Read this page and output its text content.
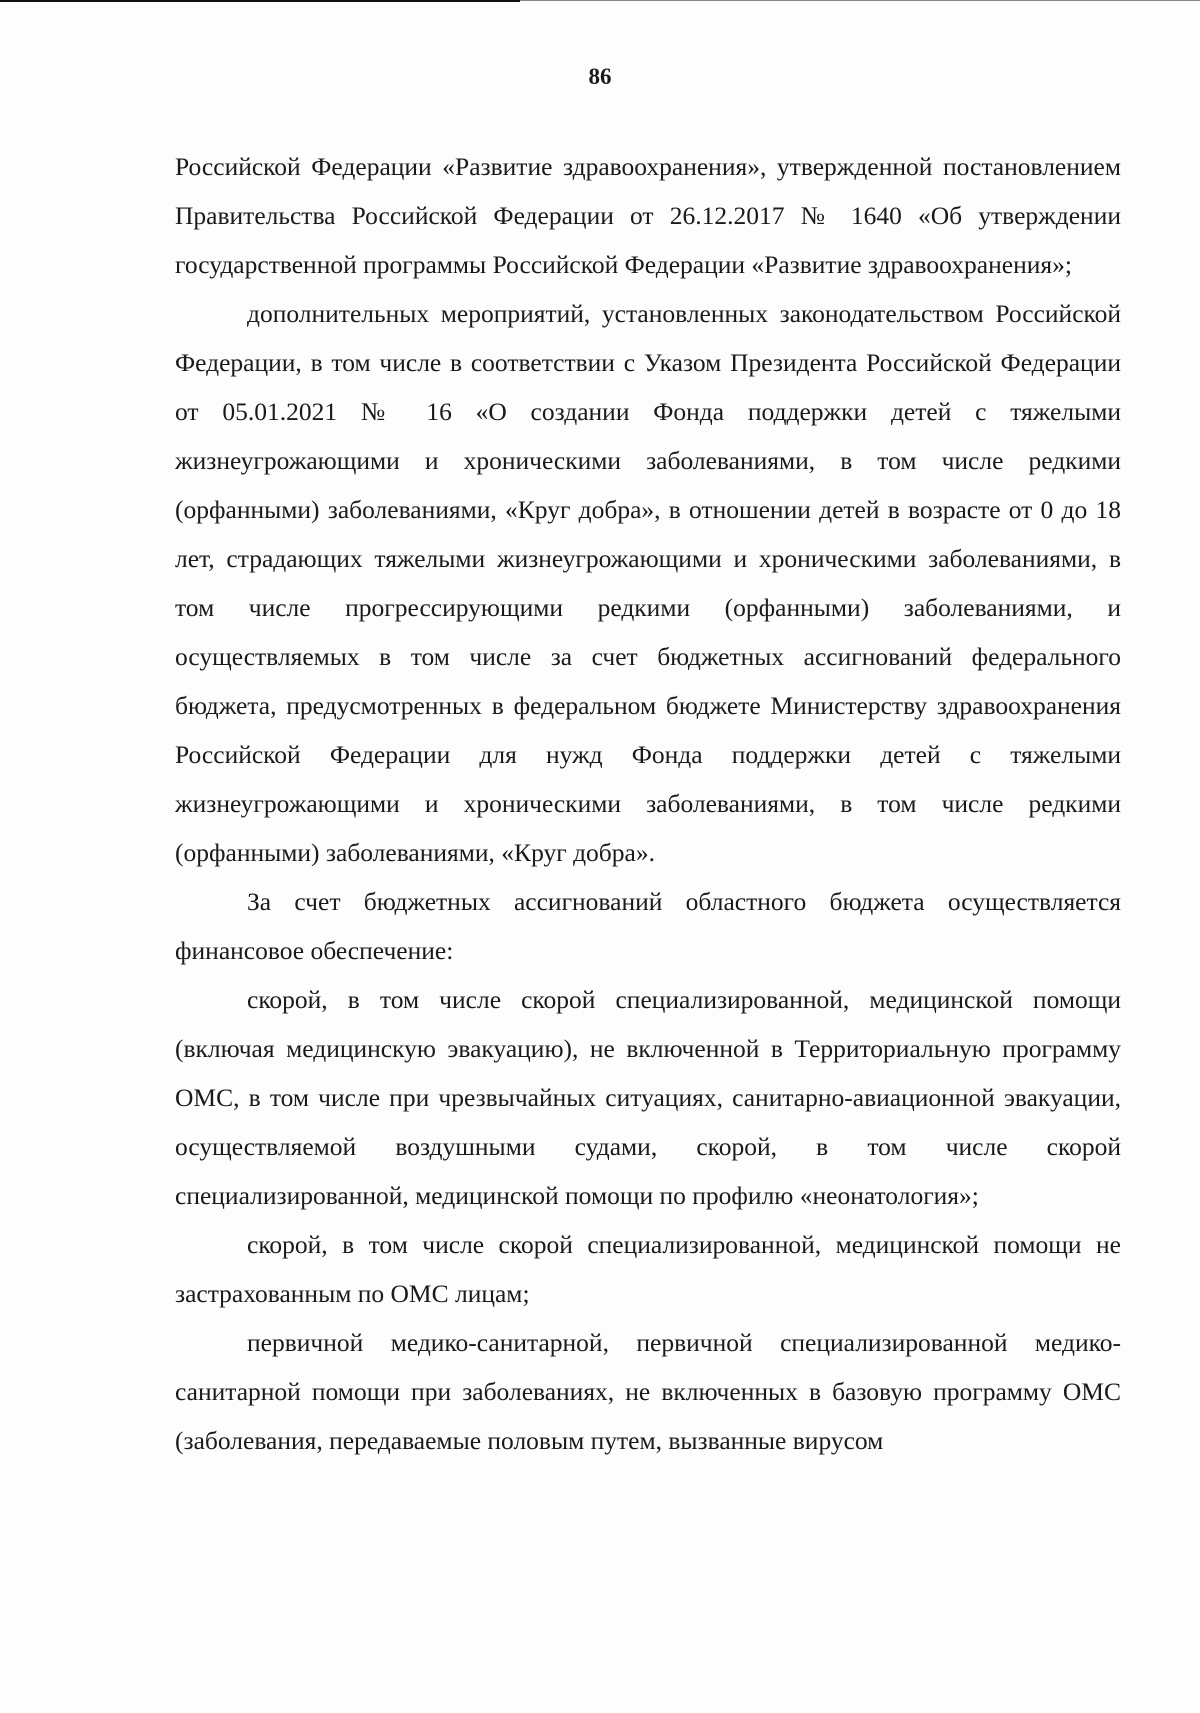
86

Российской Федерации «Развитие здравоохранения», утвержденной постановлением Правительства Российской Федерации от 26.12.2017 № 1640 «Об утверждении государственной программы Российской Федерации «Развитие здравоохранения»;

дополнительных мероприятий, установленных законодательством Российской Федерации, в том числе в соответствии с Указом Президента Российской Федерации от 05.01.2021 № 16 «О создании Фонда поддержки детей с тяжелыми жизнеугрожающими и хроническими заболеваниями, в том числе редкими (орфанными) заболеваниями, «Круг добра», в отношении детей в возрасте от 0 до 18 лет, страдающих тяжелыми жизнеугрожающими и хроническими заболеваниями, в том числе прогрессирующими редкими (орфанными) заболеваниями, и осуществляемых в том числе за счет бюджетных ассигнований федерального бюджета, предусмотренных в федеральном бюджете Министерству здравоохранения Российской Федерации для нужд Фонда поддержки детей с тяжелыми жизнеугрожающими и хроническими заболеваниями, в том числе редкими (орфанными) заболеваниями, «Круг добра».

За счет бюджетных ассигнований областного бюджета осуществляется финансовое обеспечение:

скорой, в том числе скорой специализированной, медицинской помощи (включая медицинскую эвакуацию), не включенной в Территориальную программу ОМС, в том числе при чрезвычайных ситуациях, санитарно-авиационной эвакуации, осуществляемой воздушными судами, скорой, в том числе скорой специализированной, медицинской помощи по профилю «неонатология»;

скорой, в том числе скорой специализированной, медицинской помощи не застрахованным по ОМС лицам;

первичной медико-санитарной, первичной специализированной медико-санитарной помощи при заболеваниях, не включенных в базовую программу ОМС (заболевания, передаваемые половым путем, вызванные вирусом
